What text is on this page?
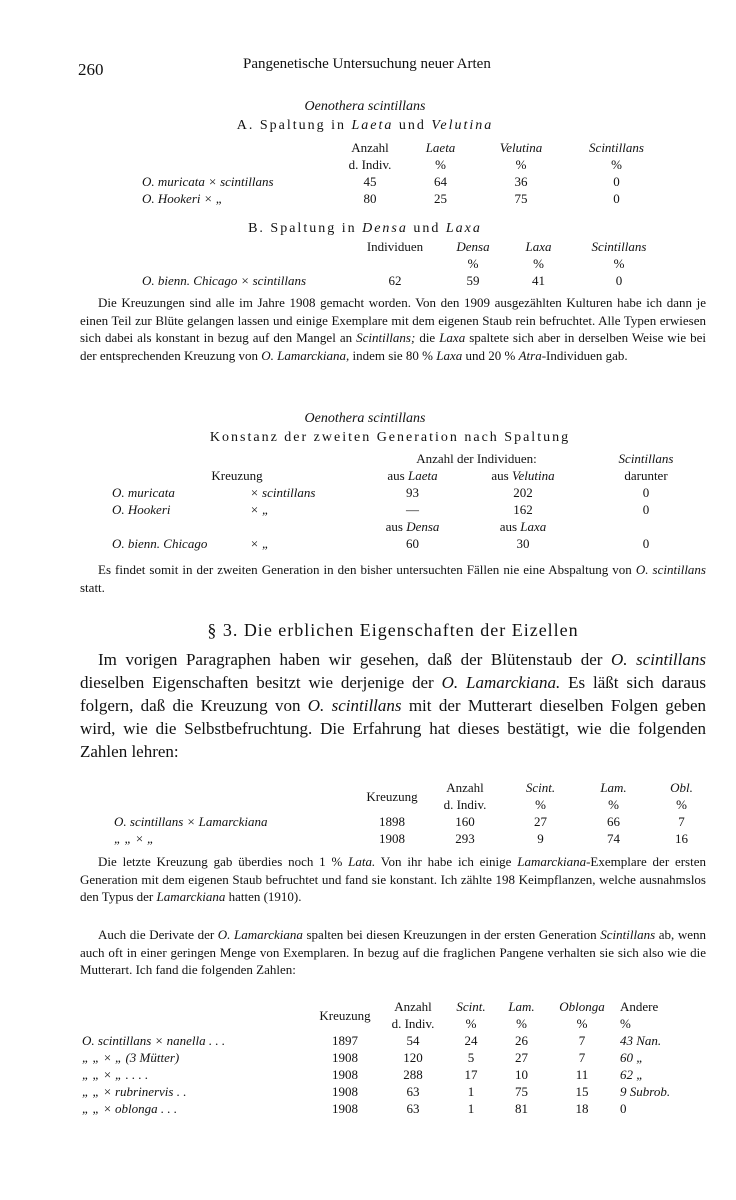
260	Pangenetische Untersuchung neuer Arten
Oenothera scintillans
A. Spaltung in Laeta und Velutina
	Anzahl	Laeta	Velutina	Scintillans
	d. Indiv.	%	%	%
O. muricata × scintillans	45	64	36	0
O. Hookeri × „	80	25	75	0
B. Spaltung in Densa und Laxa
	Individuen	Densa	Laxa	Scintillans
		%	%	%
O. bienn. Chicago × scintillans	62	59	41	0
Die Kreuzungen sind alle im Jahre 1908 gemacht worden. Von den 1909 ausgezählten Kulturen habe ich dann je einen Teil zur Blüte gelangen lassen und einige Exemplare mit dem eigenen Staub rein befruchtet. Alle Typen erwiesen sich dabei als konstant in bezug auf den Mangel an Scintillans; die Laxa spaltete sich aber in derselben Weise wie bei der entsprechenden Kreuzung von O. Lamarckiana, indem sie 80 % Laxa und 20 % Atra-Individuen gab.
Oenothera scintillans
Konstanz der zweiten Generation nach Spaltung
		Anzahl der Individuen:		Scintillans
Kreuzung		aus Laeta	aus Velutina	darunter
O. muricata	× scintillans	93	202	0
O. Hookeri	× „	—	162	0
		aus Densa	aus Laxa	
O. bienn. Chicago	× „	60	30	0
Es findet somit in der zweiten Generation in den bisher untersuchten Fällen nie eine Abspaltung von O. scintillans statt.
§ 3. Die erblichen Eigenschaften der Eizellen
Im vorigen Paragraphen haben wir gesehen, daß der Blütenstaub der O. scintillans dieselben Eigenschaften besitzt wie derjenige der O. Lamarckiana. Es läßt sich daraus folgern, daß die Kreuzung von O. scintillans mit der Mutterart dieselben Folgen geben wird, wie die Selbstbefruchtung. Die Erfahrung hat dieses bestätigt, wie die folgenden Zahlen lehren:
	Kreuzung	Anzahl	Scint.	Lam.	Obl.
		d. Indiv.	%	%	%
O. scintillans × Lamarckiana	1898	160	27	66	7
„ „ × „	1908	293	9	74	16
Die letzte Kreuzung gab überdies noch 1 % Lata. Von ihr habe ich einige Lamarckiana-Exemplare der ersten Generation mit dem eigenen Staub befruchtet und fand sie konstant. Ich zählte 198 Keimpflanzen, welche ausnahmslos den Typus der Lamarckiana hatten (1910).
Auch die Derivate der O. Lamarckiana spalten bei diesen Kreuzungen in der ersten Generation Scintillans ab, wenn auch oft in einer geringen Menge von Exemplaren. In bezug auf die fraglichen Pangene verhalten sie sich also wie die Mutterart. Ich fand die folgenden Zahlen:
	Kreuzung	Anzahl	Scint.	Lam.	Oblonga	Andere
		d. Indiv.	%	%	%	%
O. scintillans × nanella . . .	1897	54	24	26	7	43 Nan.
„ „ × „ (3 Mütter)	1908	120	5	27	7	60 „
„ „ × „ . . . .	1908	288	17	10	11	62 „
„ „ × rubrinervis . .	1908	63	1	75	15	9 Subrob.
„ „ × oblonga . . .	1908	63	1	81	18	0
